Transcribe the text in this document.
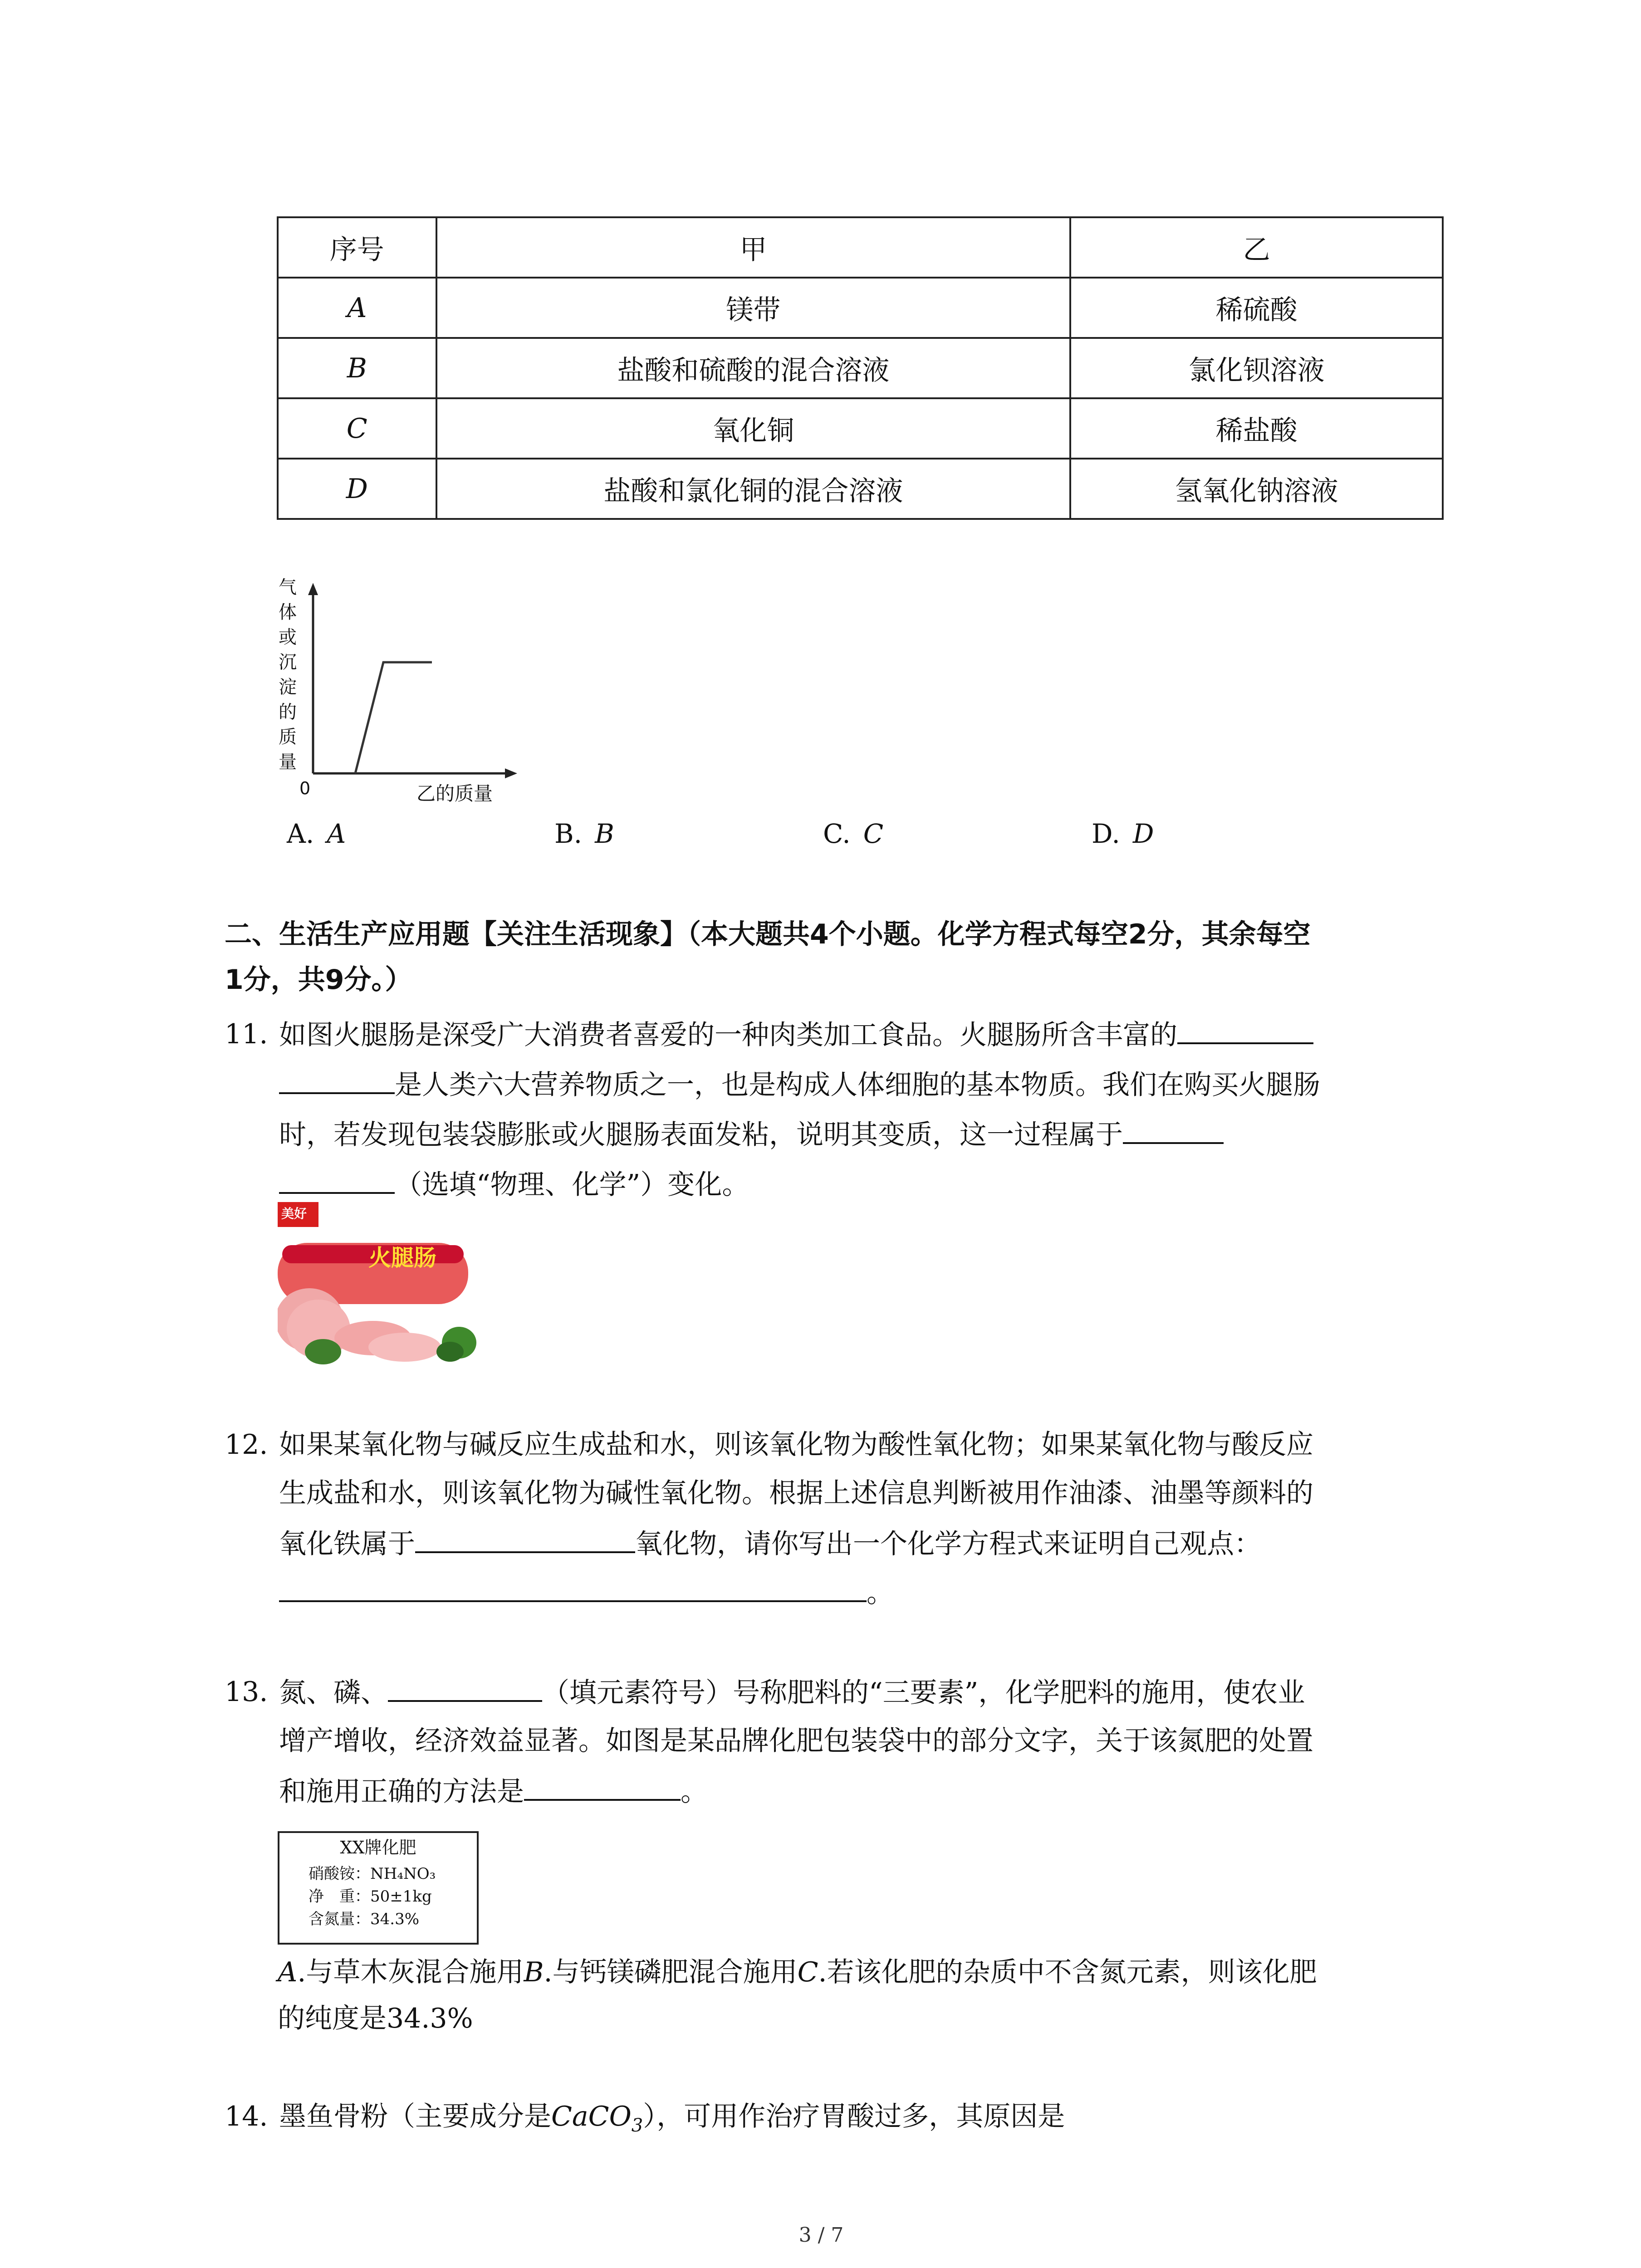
序号	甲	乙
A	镁带	稀硫酸
B	盐酸和硫酸的混合溶液	氯化钡溶液
C	氧化铜	稀盐酸
D	盐酸和氯化铜的混合溶液	氢氧化钠溶液
气
体
或
沉
淀
的
质
量
0	乙的质量
A. A	B. B	C. C	D. D
二、生活生产应用题【关注生活现象】（本大题共4个小题。化学方程式每空2分，其余每空
1分，共9分。）
11. 如图火腿肠是深受广大消费者喜爱的一种肉类加工食品。火腿肠所含丰富的
是人类六大营养物质之一，也是构成人体细胞的基本物质。我们在购买火腿肠
时，若发现包装袋膨胀或火腿肠表面发粘，说明其变质，这一过程属于
（选填“物理、化学”）变化。
美好
火腿肠
12. 如果某氧化物与碱反应生成盐和水，则该氧化物为酸性氧化物；如果某氧化物与酸反应
生成盐和水，则该氧化物为碱性氧化物。根据上述信息判断被用作油漆、油墨等颜料的
氧化铁属于	氧化物，请你写出一个化学方程式来证明自己观点：
。
13. 氮、磷、	（填元素符号）号称肥料的“三要素”，化学肥料的施用，使农业
增产增收，经济效益显著。如图是某品牌化肥包装袋中的部分文字，关于该氮肥的处置
和施用正确的方法是	。
XX牌化肥
硝酸铵：NH₄NO₃
净　重：50±1kg
含氮量：34.3%
A.与草木灰混合施用B.与钙镁磷肥混合施用C.若该化肥的杂质中不含氮元素，则该化肥
的纯度是34.3%
14. 墨鱼骨粉（主要成分是CaCO$_3$），可用作治疗胃酸过多，其原因是
3 / 7
